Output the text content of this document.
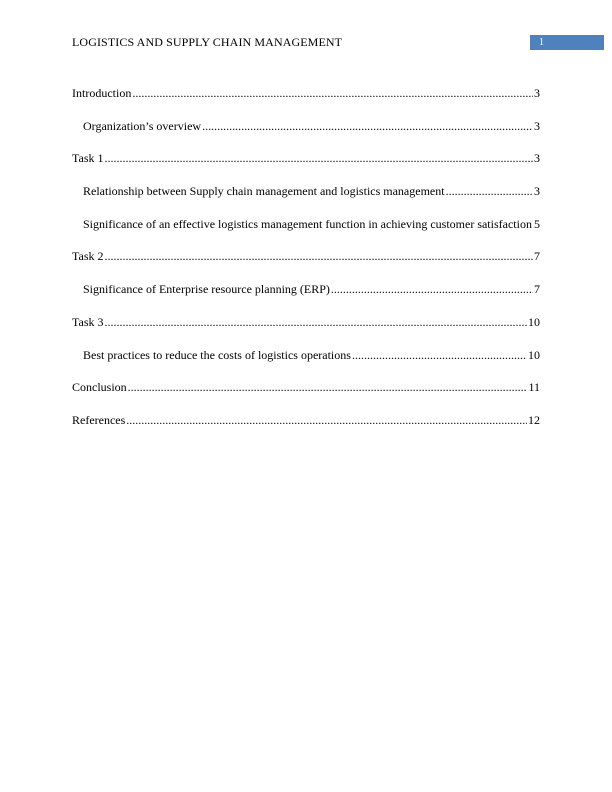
LOGISTICS AND SUPPLY CHAIN MANAGEMENT	1
Introduction .....	3
Organization’s overview .....	3
Task 1 .....	3
Relationship between Supply chain management and logistics management .....	3
Significance of an effective logistics management function in achieving customer satisfaction ..... 5
Task 2 .....	7
Significance of Enterprise resource planning (ERP) .....	7
Task 3 .....	10
Best practices to reduce the costs of logistics operations .....	10
Conclusion .....	11
References .....	12
